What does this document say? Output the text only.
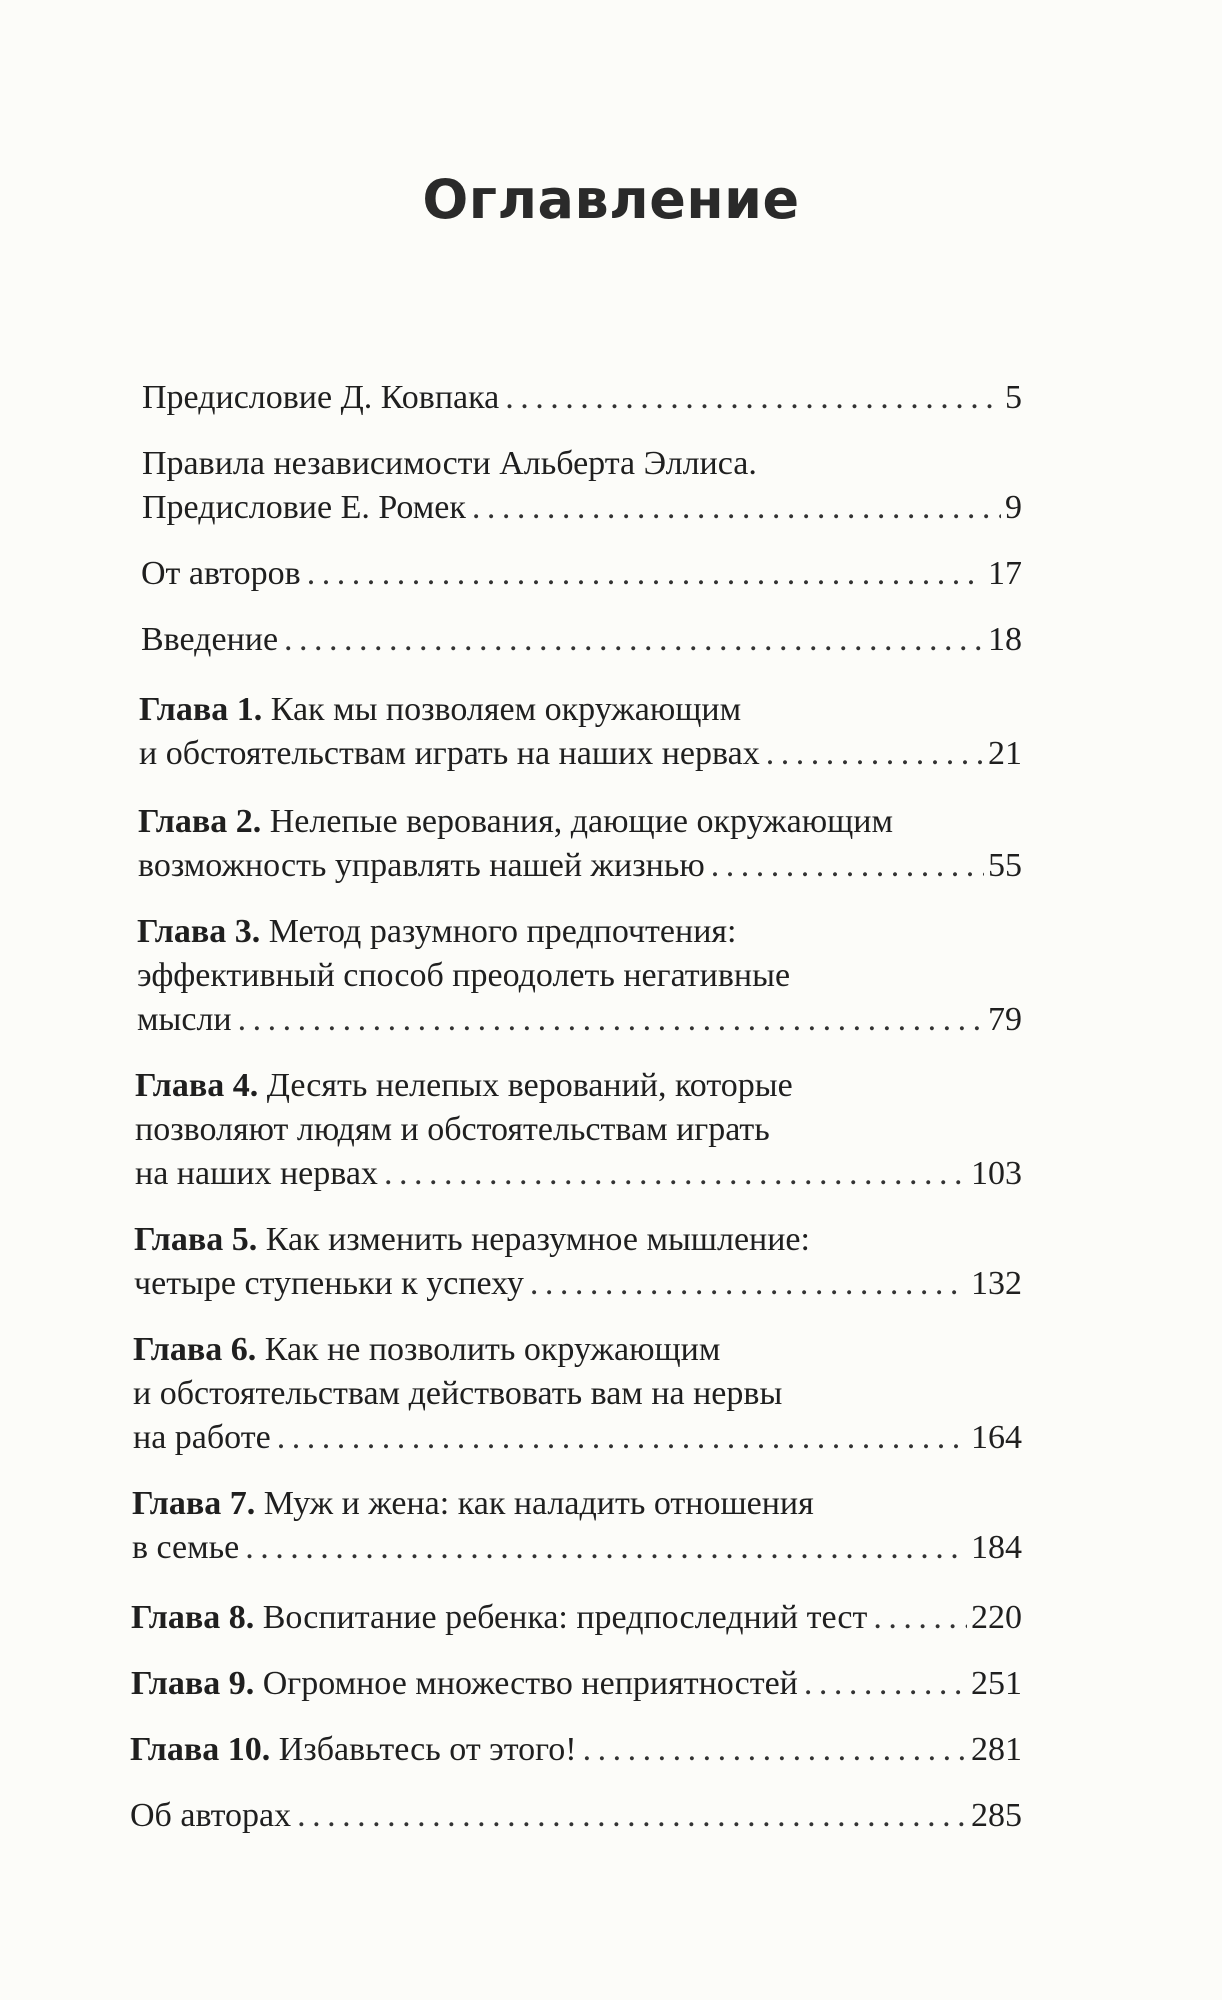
Оглавление
Предисловие Д. Ковпака . . .	5
Правила независимости Альберта Эллиса.
Предисловие Е. Ромек . . .	9
От авторов . . .	17
Введение . . .	18
Глава 1. Как мы позволяем окружающим
и обстоятельствам играть на наших нервах . . .	21
Глава 2. Нелепые верования, дающие окружающим
возможность управлять нашей жизнью . . .	55
Глава 3. Метод разумного предпочтения:
эффективный способ преодолеть негативные
мысли . . .	79
Глава 4. Десять нелепых верований, которые
позволяют людям и обстоятельствам играть
на наших нервах . . .	103
Глава 5. Как изменить неразумное мышление:
четыре ступеньки к успеху . . .	132
Глава 6. Как не позволить окружающим
и обстоятельствам действовать вам на нервы
на работе . . .	164
Глава 7. Муж и жена: как наладить отношения
в семье . . .	184
Глава 8. Воспитание ребенка: предпоследний тест . . .	220
Глава 9. Огромное множество неприятностей . . .	251
Глава 10. Избавьтесь от этого! . . .	281
Об авторах . . .	285
